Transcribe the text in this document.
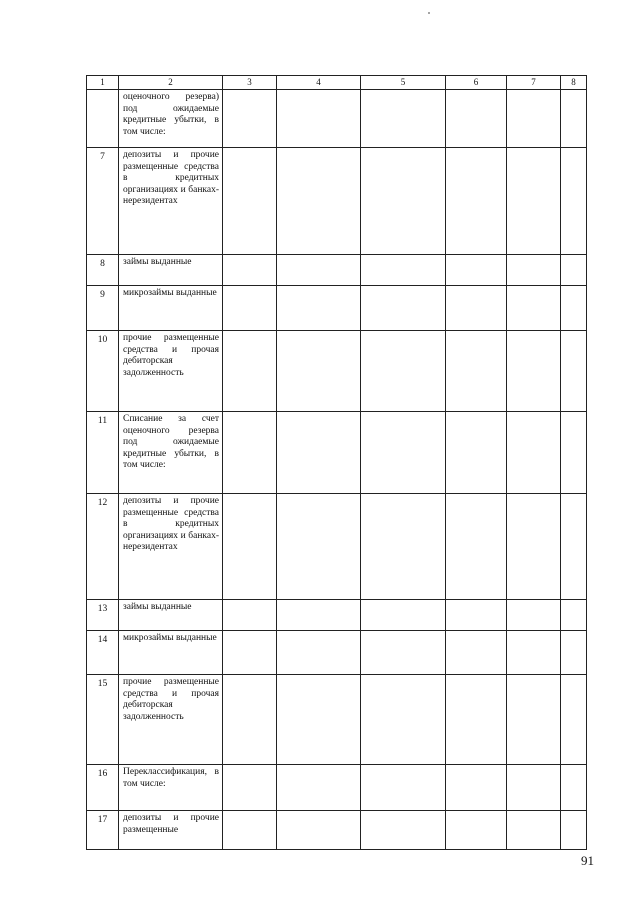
1	2	3	4	5	6	7	8

	оценочного резерва) под ожидаемые кредитные убытки, в том числе:						

7	депозиты и прочие размещенные средства в кредитных организациях и банках-нерезидентах						

8	займы выданные						

9	микрозаймы выданные						

10	прочие размещенные средства и прочая дебиторская задолженность						

11	Списание за счет оценочного резерва под ожидаемые кредитные убытки, в том числе:						

12	депозиты и прочие размещенные средства в кредитных организациях и банках-нерезидентах						

13	займы выданные						

14	микрозаймы выданные						

15	прочие размещенные средства и прочая дебиторская задолженность						

16	Переклассификация, в том числе:						

17	депозиты и прочие размещенные						

91
